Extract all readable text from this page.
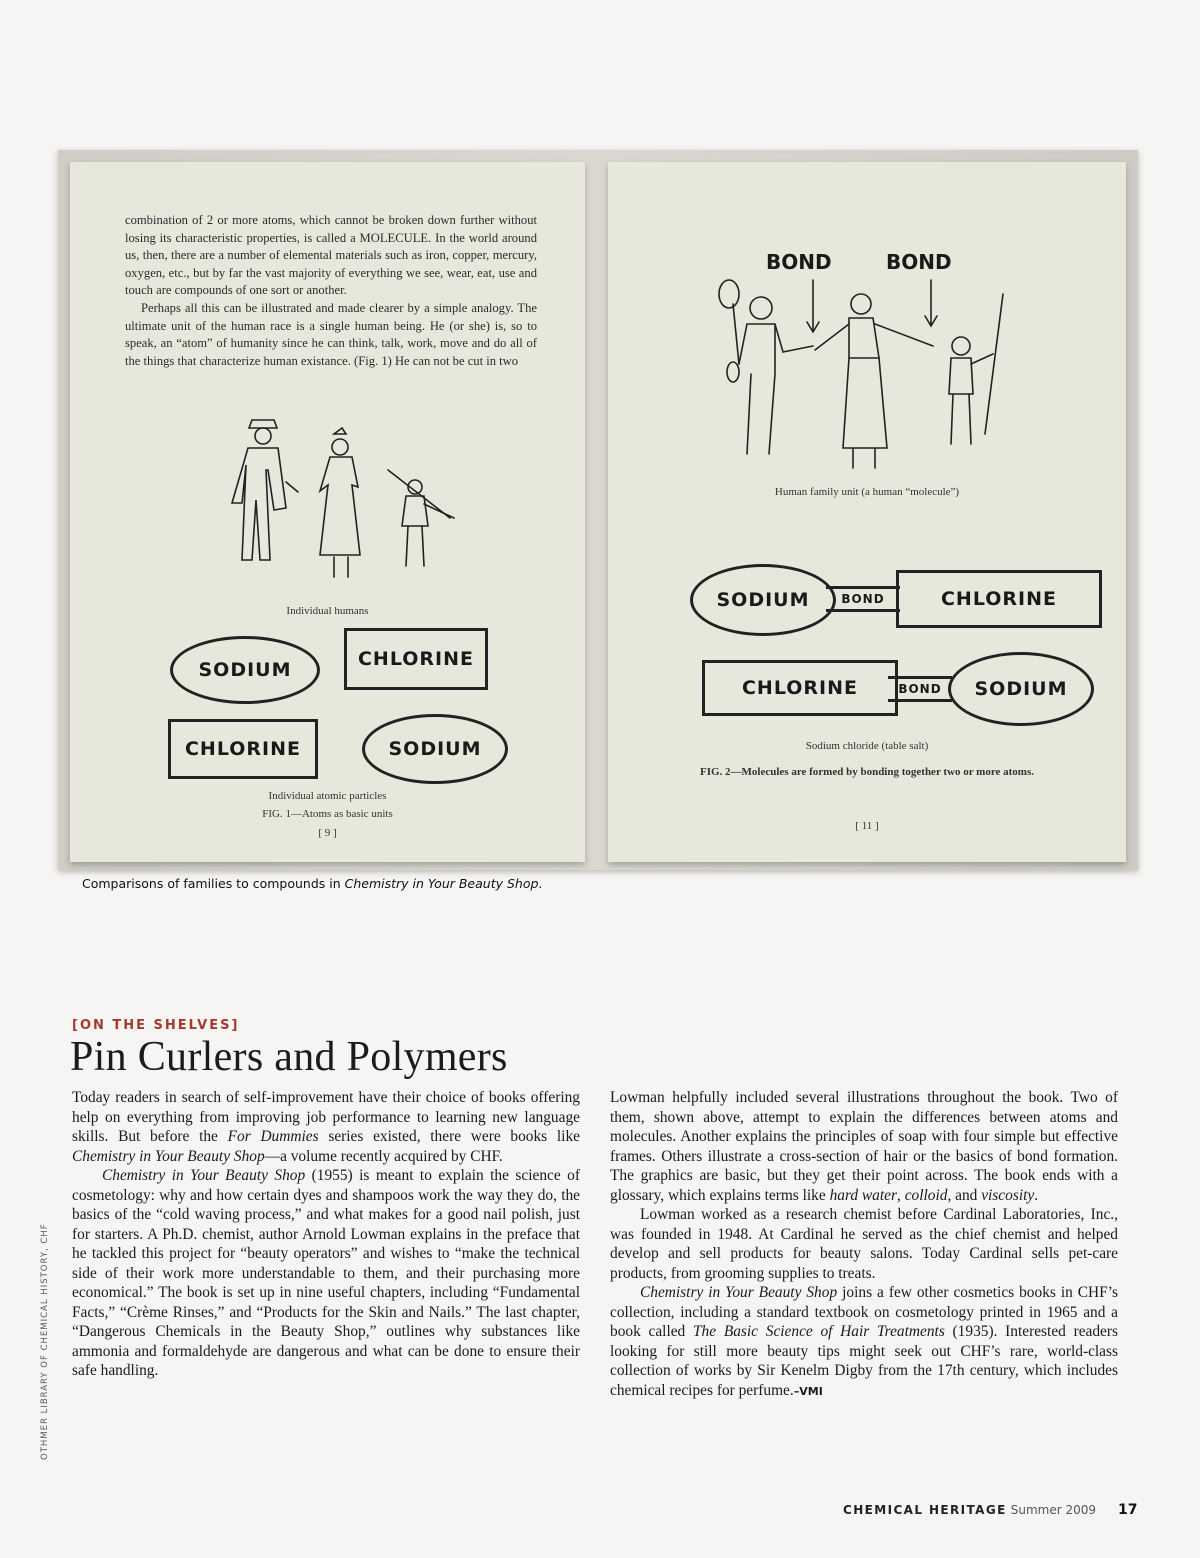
combination of 2 or more atoms, which cannot be broken down further without losing its characteristic properties, is called a MOLECULE. In the world around us, then, there are a number of elemental materials such as iron, copper, mercury, oxygen, etc., but by far the vast majority of everything we see, wear, eat, use and touch are compounds of one sort or another.

Perhaps all this can be illustrated and made clearer by a simple analogy. The ultimate unit of the human race is a single human being. He (or she) is, so to speak, an “atom” of humanity since he can think, talk, work, move and do all of the things that characterize human existance. (Fig. 1) He can not be cut in two

Individual humans
SODIUM	CHLORINE
CHLORINE	SODIUM
Individual atomic particles
FIG. 1—Atoms as basic units
[ 9 ]
BOND	BOND
Human family unit (a human “molecule”)
SODIUM	BOND	CHLORINE
CHLORINE	BOND	SODIUM
Sodium chloride (table salt)
FIG. 2—Molecules are formed by bonding together two or more atoms.
[ 11 ]
Comparisons of families to compounds in Chemistry in Your Beauty Shop.
[ON THE SHELVES]
Pin Curlers and Polymers

Today readers in search of self-improvement have their choice of books offering help on everything from improving job performance to learning new language skills. But before the For Dummies series existed, there were books like Chemistry in Your Beauty Shop—a volume recently acquired by CHF.

Chemistry in Your Beauty Shop (1955) is meant to explain the science of cosmetology: why and how certain dyes and shampoos work the way they do, the basics of the “cold waving process,” and what makes for a good nail polish, just for starters. A Ph.D. chemist, author Arnold Lowman explains in the preface that he tackled this project for “beauty operators” and wishes to “make the technical side of their work more understandable to them, and their purchasing more economical.” The book is set up in nine useful chapters, including “Fundamental Facts,” “Crème Rinses,” and “Products for the Skin and Nails.” The last chapter, “Dangerous Chemicals in the Beauty Shop,” outlines why substances like ammonia and formaldehyde are dangerous and what can be done to ensure their safe handling.

Lowman helpfully included several illustrations throughout the book. Two of them, shown above, attempt to explain the differences between atoms and molecules. Another explains the principles of soap with four simple but effective frames. Others illustrate a cross-section of hair or the basics of bond formation. The graphics are basic, but they get their point across. The book ends with a glossary, which explains terms like hard water, colloid, and viscosity.

Lowman worked as a research chemist before Cardinal Laboratories, Inc., was founded in 1948. At Cardinal he served as the chief chemist and helped develop and sell products for beauty salons. Today Cardinal sells pet-care products, from grooming supplies to treats.

Chemistry in Your Beauty Shop joins a few other cosmetics books in CHF’s collection, including a standard textbook on cosmetology printed in 1965 and a book called The Basic Science of Hair Treatments (1935). Interested readers looking for still more beauty tips might seek out CHF’s rare, world-class collection of works by Sir Kenelm Digby from the 17th century, which includes chemical recipes for perfume.–VMI

OTHMER LIBRARY OF CHEMICAL HISTORY, CHF
CHEMICAL HERITAGE Summer 2009 17
